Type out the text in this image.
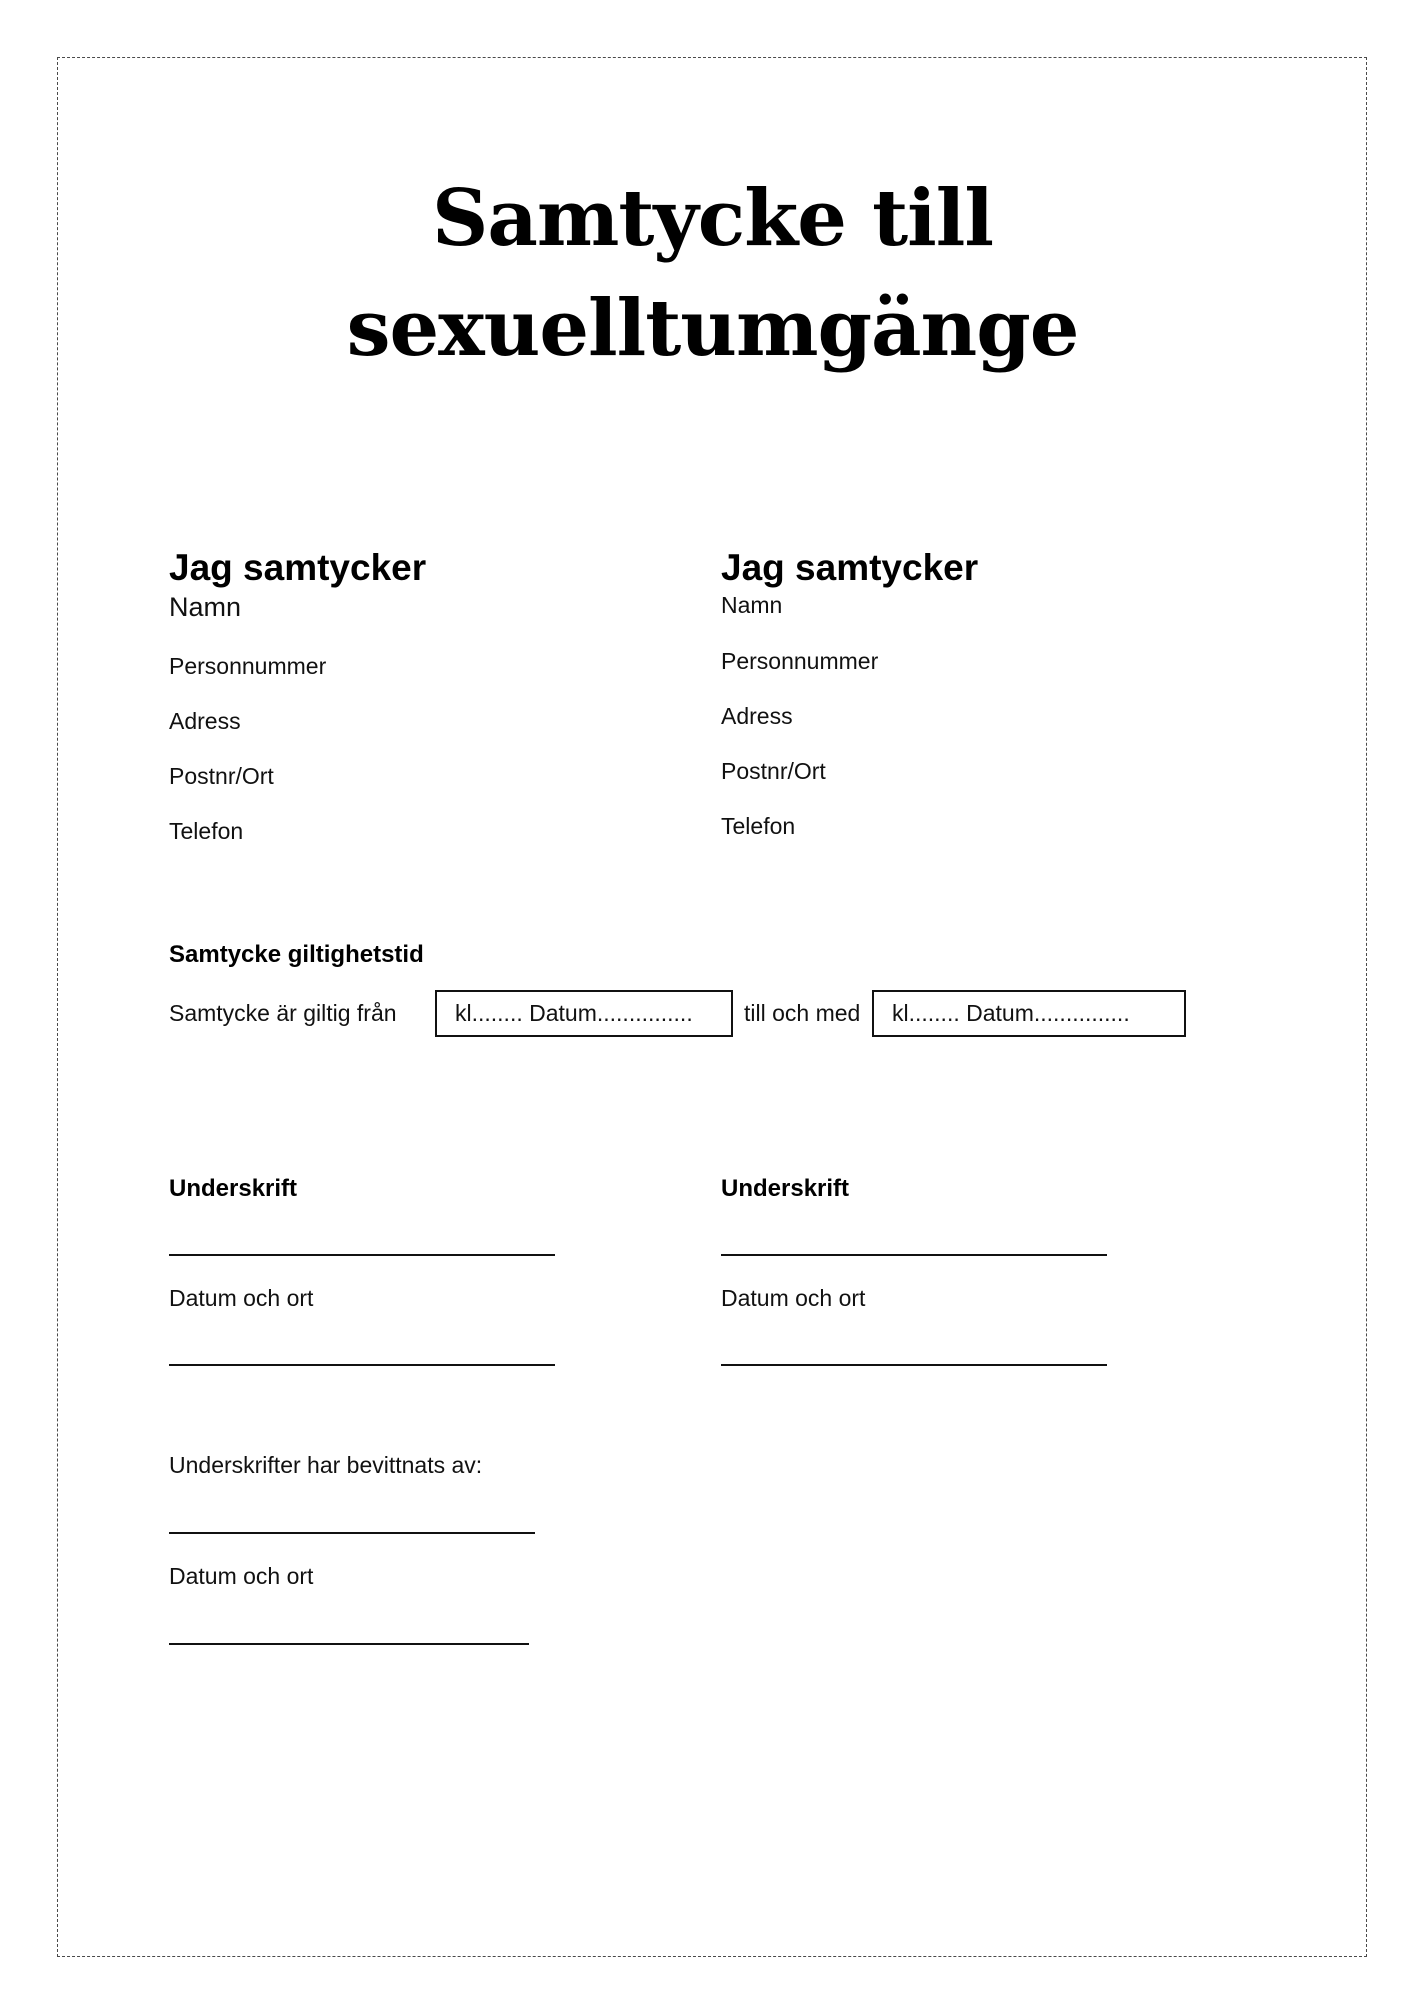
Samtycke till
sexuelltumgänge
Jag samtycker
Namn
Personnummer
Adress
Postnr/Ort
Telefon
Jag samtycker
Namn
Personnummer
Adress
Postnr/Ort
Telefon
Samtycke giltighetstid
Samtycke är giltig från	kl........ Datum...............	till och med	kl........ Datum...............
Underskrift
Datum och ort
Underskrift
Datum och ort
Underskrifter har bevittnats av:
Datum och ort
